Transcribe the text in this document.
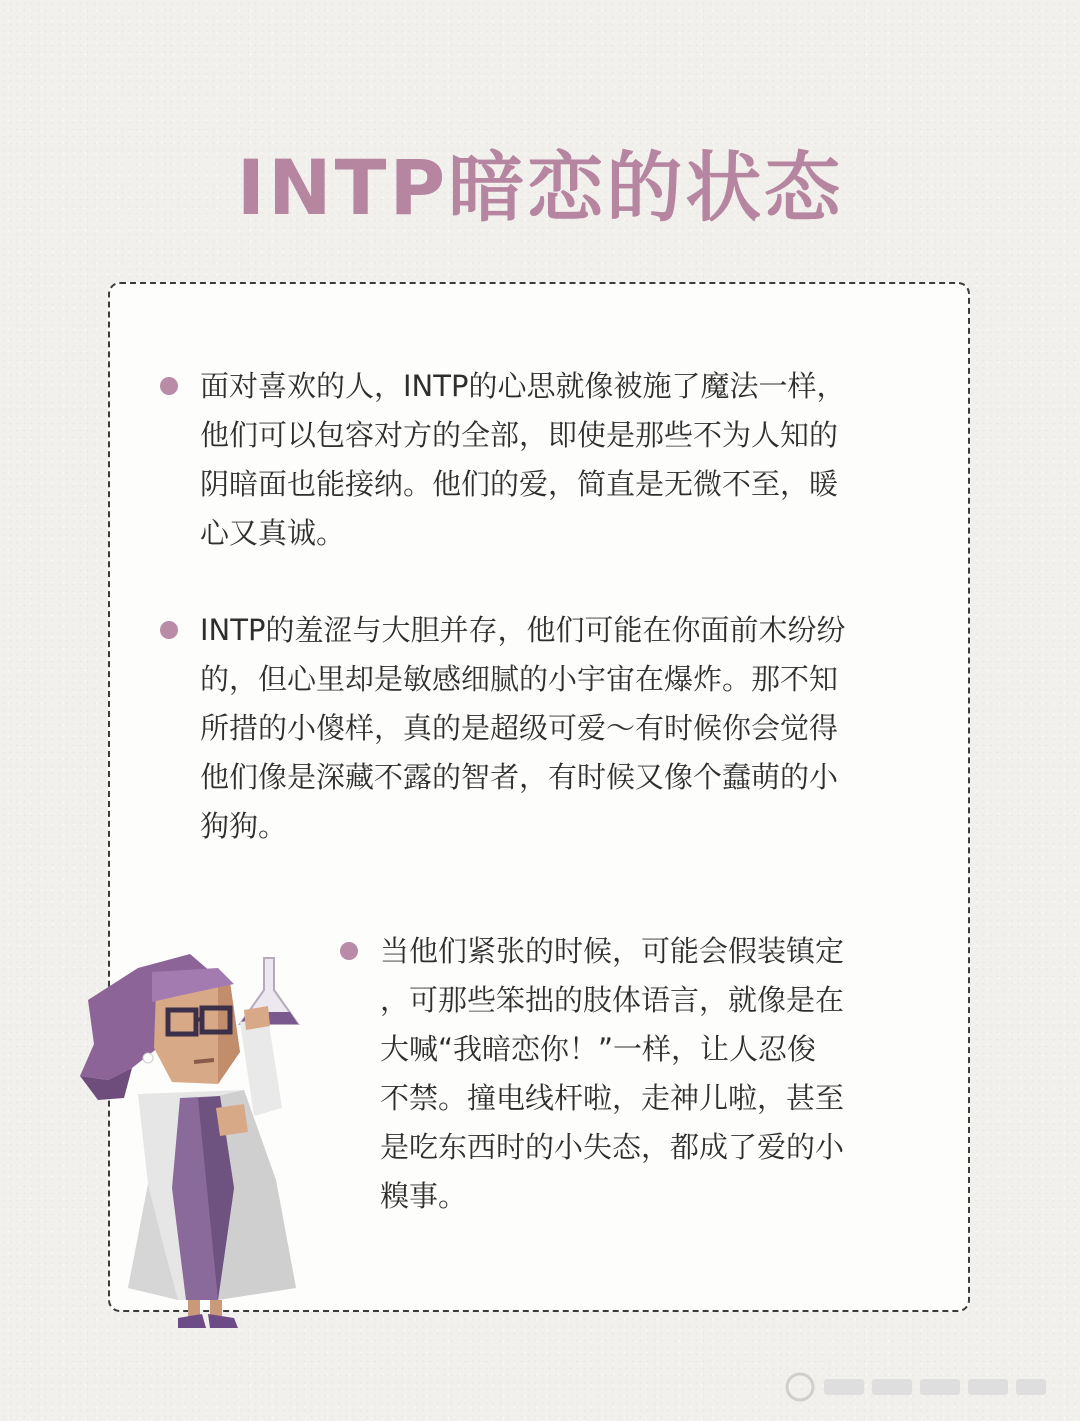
INTP暗恋的状态
面对喜欢的人，INTP的心思就像被施了魔法一样，
他们可以包容对方的全部，即使是那些不为人知的
阴暗面也能接纳。他们的爱，简直是无微不至，暖
心又真诚。
INTP的羞涩与大胆并存，他们可能在你面前木纷纷
的，但心里却是敏感细腻的小宇宙在爆炸。那不知
所措的小傻样，真的是超级可爱～有时候你会觉得
他们像是深藏不露的智者，有时候又像个蠢萌的小
狗狗。
当他们紧张的时候，可能会假装镇定
，可那些笨拙的肢体语言，就像是在
大喊“我暗恋你！”一样，让人忍俊
不禁。撞电线杆啦，走神儿啦，甚至
是吃东西时的小失态，都成了爱的小
糗事。
